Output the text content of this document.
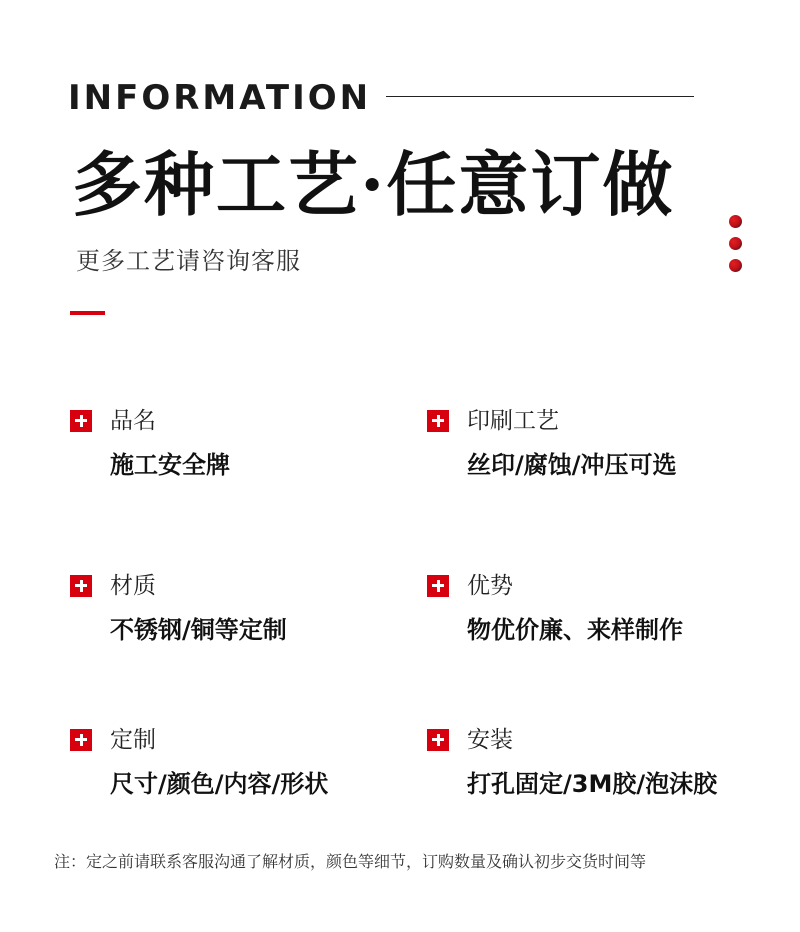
INFORMATION
多种工艺·任意订做
更多工艺请咨询客服
品名
施工安全牌
印刷工艺
丝印/腐蚀/冲压可选
材质
不锈钢/铜等定制
优势
物优价廉、来样制作
定制
尺寸/颜色/内容/形状
安装
打孔固定/3M胶/泡沫胶
注：定之前请联系客服沟通了解材质，颜色等细节，订购数量及确认初步交货时间等
